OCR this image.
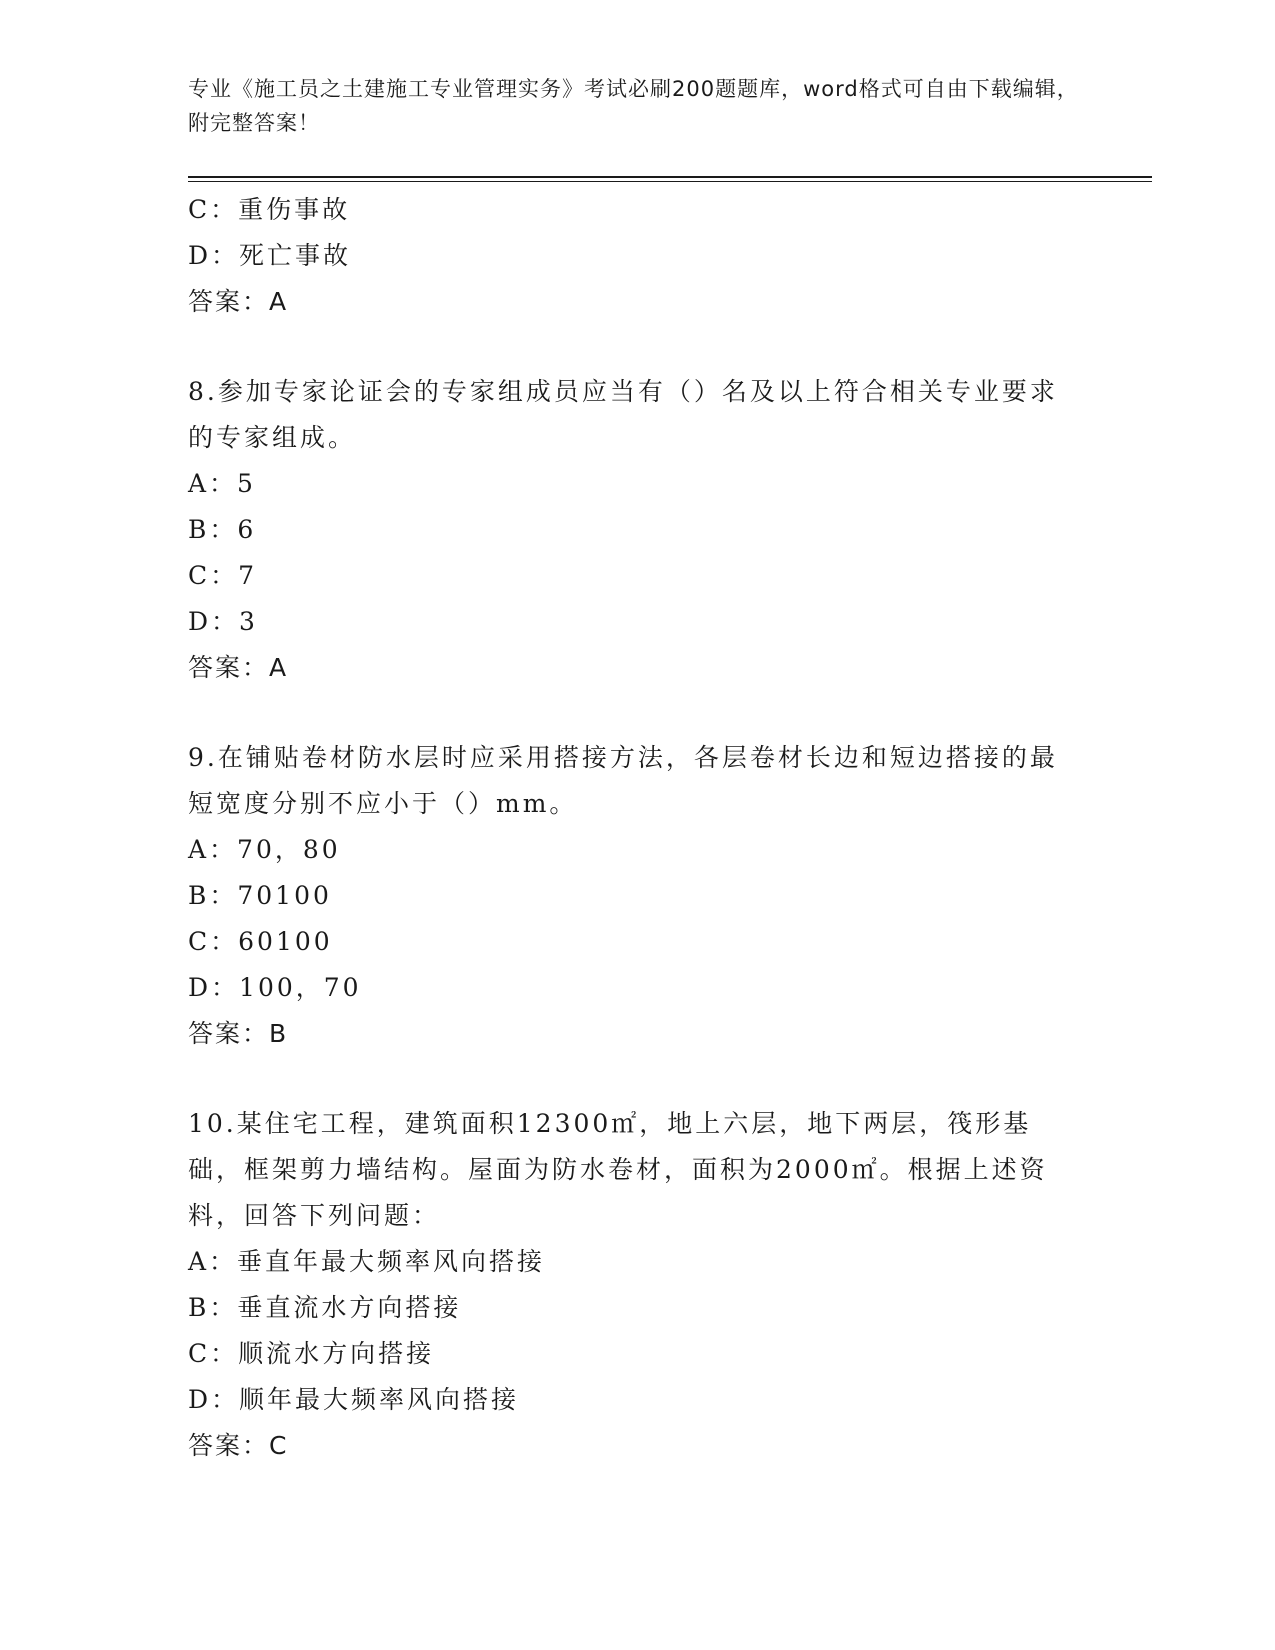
专业《施工员之土建施工专业管理实务》考试必刷200题题库，word格式可自由下载编辑，附完整答案！
C：重伤事故
D：死亡事故
答案：A
8.参加专家论证会的专家组成员应当有（）名及以上符合相关专业要求的专家组成。
A：5
B：6
C：7
D：3
答案：A
9.在铺贴卷材防水层时应采用搭接方法，各层卷材长边和短边搭接的最短宽度分别不应小于（）mm。
A：70，80
B：70100
C：60100
D：100，70
答案：B
10.某住宅工程，建筑面积12300㎡，地上六层，地下两层，筏形基础，框架剪力墙结构。屋面为防水卷材，面积为2000㎡。根据上述资料，回答下列问题：
A：垂直年最大频率风向搭接
B：垂直流水方向搭接
C：顺流水方向搭接
D：顺年最大频率风向搭接
答案：C
